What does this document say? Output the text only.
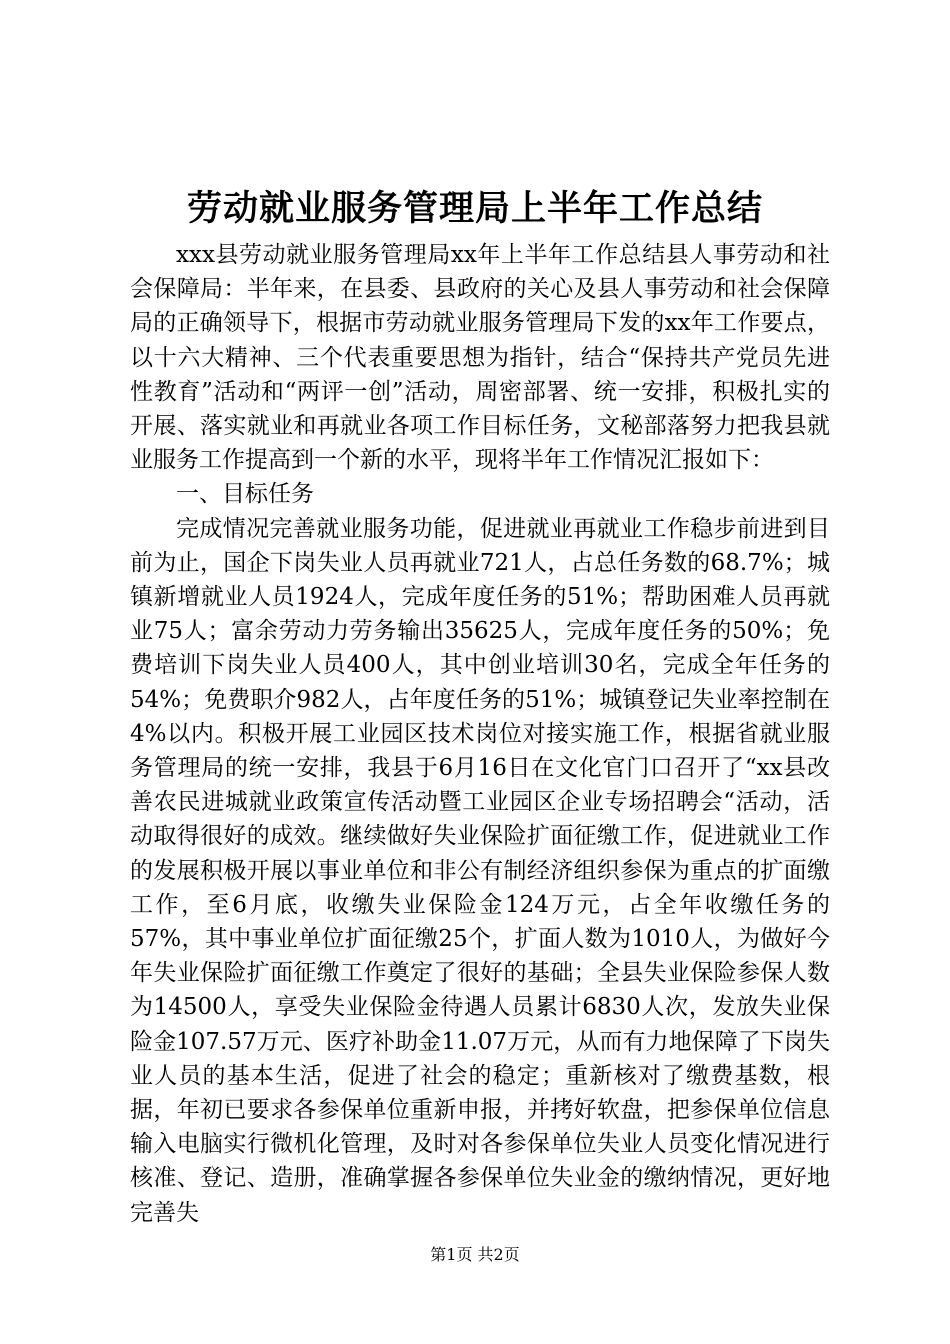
劳动就业服务管理局上半年工作总结

xxx县劳动就业服务管理局xx年上半年工作总结县人事劳动和社会保障局：半年来，在县委、县政府的关心及县人事劳动和社会保障局的正确领导下，根据市劳动就业服务管理局下发的xx年工作要点，以十六大精神、三个代表重要思想为指针，结合“保持共产党员先进性教育”活动和“两评一创”活动，周密部署、统一安排，积极扎实的开展、落实就业和再就业各项工作目标任务，文秘部落努力把我县就业服务工作提高到一个新的水平，现将半年工作情况汇报如下：

一、目标任务

完成情况完善就业服务功能，促进就业再就业工作稳步前进到目前为止，国企下岗失业人员再就业721人，占总任务数的68.7%；城镇新增就业人员1924人，完成年度任务的51%；帮助困难人员再就业75人；富余劳动力劳务输出35625人，完成年度任务的50%；免费培训下岗失业人员400人，其中创业培训30名，完成全年任务的54%；免费职介982人，占年度任务的51%；城镇登记失业率控制在4%以内。积极开展工业园区技术岗位对接实施工作，根据省就业服务管理局的统一安排，我县于6月16日在文化官门口召开了“xx县改善农民进城就业政策宣传活动暨工业园区企业专场招聘会“活动，活动取得很好的成效。继续做好失业保险扩面征缴工作，促进就业工作的发展积极开展以事业单位和非公有制经济组织参保为重点的扩面缴工作，至6月底，收缴失业保险金124万元，占全年收缴任务的57%，其中事业单位扩面征缴25个，扩面人数为1010人，为做好今年失业保险扩面征缴工作奠定了很好的基础；全县失业保险参保人数为14500人，享受失业保险金待遇人员累计6830人次，发放失业保险金107.57万元、医疗补助金11.07万元，从而有力地保障了下岗失业人员的基本生活，促进了社会的稳定；重新核对了缴费基数，根据，年初已要求各参保单位重新申报，并拷好软盘，把参保单位信息输入电脑实行微机化管理，及时对各参保单位失业人员变化情况进行核准、登记、造册，准确掌握各参保单位失业金的缴纳情况，更好地完善失

第1页 共2页
